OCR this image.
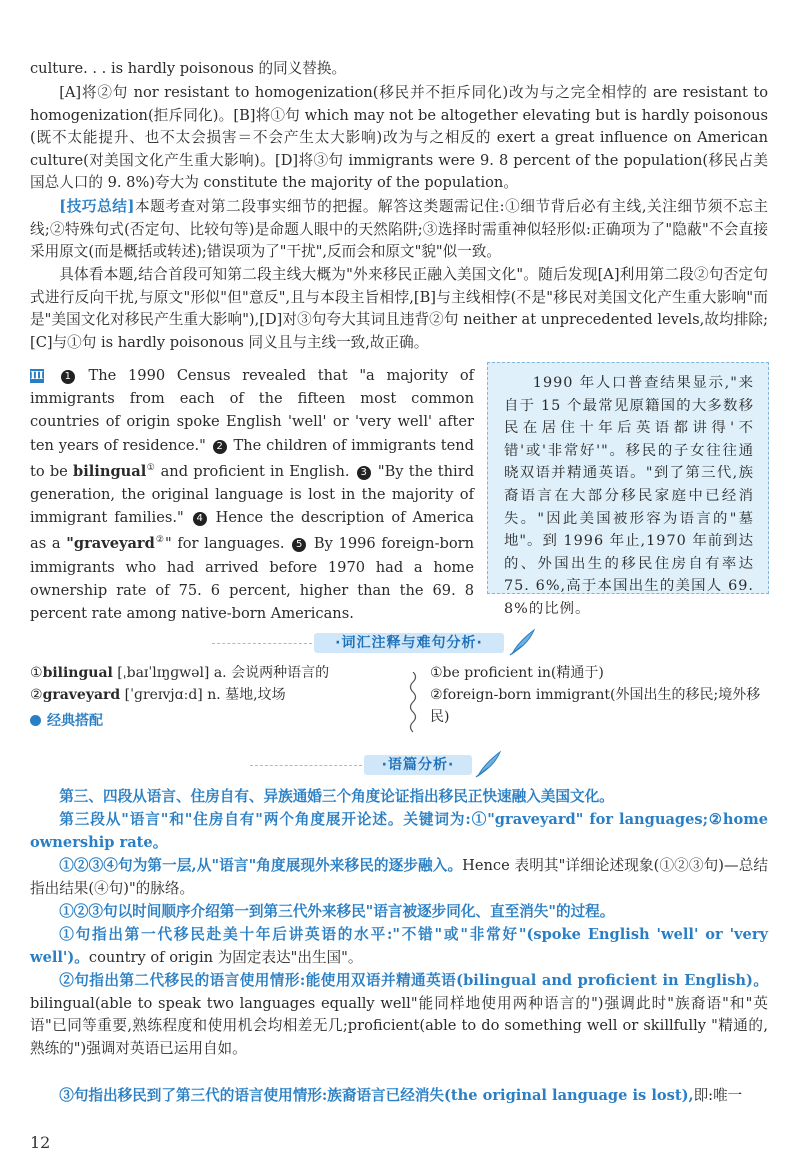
culture. . . is hardly poisonous 的同义替换。

[A]将②句 nor resistant to homogenization(移民并不拒斥同化)改为与之完全相悖的 are resistant to homogenization(拒斥同化)。[B]将①句 which may not be altogether elevating but is hardly poisonous (既不太能提升、也不太会损害＝不会产生太大影响)改为与之相反的 exert a great influence on American culture(对美国文化产生重大影响)。[D]将③句 immigrants were 9. 8 percent of the population(移民占美国总人口的 9. 8%)夸大为 constitute the majority of the population。

[技巧总结]本题考查对第二段事实细节的把握。解答这类题需记住:①细节背后必有主线,关注细节须不忘主线;②特殊句式(否定句、比较句等)是命题人眼中的天然陷阱;③选择时需重神似轻形似:正确项为了"隐蔽"不会直接采用原文(而是概括或转述);错误项为了"干扰",反而会和原文"貌"似一致。

具体看本题,结合首段可知第二段主线大概为"外来移民正融入美国文化"。随后发现[A]利用第二段②句否定句式进行反向干扰,与原文"形似"但"意反",且与本段主旨相悖,[B]与主线相悖(不是"移民对美国文化产生重大影响"而是"美国文化对移民产生重大影响"),[D]对③句夸大其词且违背②句 neither at unprecedented levels,故均排除;[C]与①句 is hardly poisonous 同义且与主线一致,故正确。

Ⅲ 1 The 1990 Census revealed that "a majority of immigrants from each of the fifteen most common countries of origin spoke English 'well' or 'very well' after ten years of residence." 2 The children of immigrants tend to be bilingual① and proficient in English. 3 "By the third generation, the original language is lost in the majority of immigrant families." 4 Hence the description of America as a "graveyard②" for languages. 5 By 1996 foreign-born immigrants who had arrived before 1970 had a home ownership rate of 75. 6 percent, higher than the 69. 8 percent rate among native-born Americans.

1990 年人口普查结果显示,"来自于 15 个最常见原籍国的大多数移民在居住十年后英语都讲得'不错'或'非常好'"。移民的子女往往通晓双语并精通英语。"到了第三代,族裔语言在大部分移民家庭中已经消失。"因此美国被形容为语言的"墓地"。到 1996 年止,1970 年前到达的、外国出生的移民住房自有率达 75. 6%,高于本国出生的美国人 69. 8%的比例。

·词汇注释与难句分析·
①bilingual [ˌbaɪˈlɪŋɡwəl] a. 会说两种语言的
②graveyard [ˈɡreɪvjɑːd] n. 墓地,坟场
①be proficient in(精通于)
②foreign-born immigrant(外国出生的移民;境外移民)
经典搭配
·语篇分析·

第三、四段从语言、住房自有、异族通婚三个角度论证指出移民正快速融入美国文化。

第三段从"语言"和"住房自有"两个角度展开论述。关键词为:①"graveyard" for languages;②home ownership rate。

①②③④句为第一层,从"语言"角度展现外来移民的逐步融入。Hence 表明其"详细论述现象(①②③句)—总结指出结果(④句)"的脉络。

①②③句以时间顺序介绍第一到第三代外来移民"语言被逐步同化、直至消失"的过程。

①句指出第一代移民赴美十年后讲英语的水平:"不错"或"非常好"(spoke English 'well' or 'very well')。country of origin 为固定表达"出生国"。

②句指出第二代移民的语言使用情形:能使用双语并精通英语(bilingual and proficient in English)。bilingual(able to speak two languages equally well"能同样地使用两种语言的")强调此时"族裔语"和"英语"已同等重要,熟练程度和使用机会均相差无几;proficient(able to do something well or skillfully "精通的,熟练的")强调对英语已运用自如。

③句指出移民到了第三代的语言使用情形:族裔语言已经消失(the original language is lost),即:唯一

12
